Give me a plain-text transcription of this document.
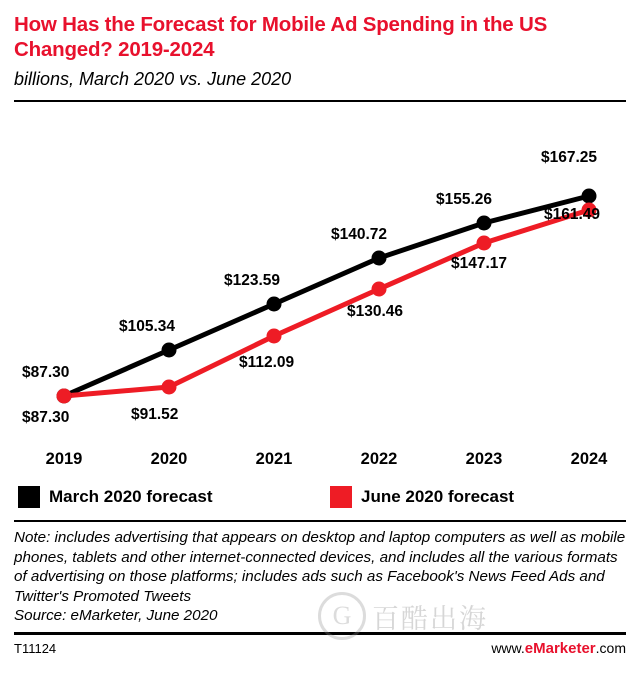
How Has the Forecast for Mobile Ad Spending in the US Changed? 2019-2024
billions, March 2020 vs. June 2020
$87.30
$105.34
$123.59
$140.72
$155.26
$167.25
$87.30	$91.52
$112.09
$130.46
$147.17
$161.49
2019	2020	2021	2022	2023	2024
March 2020 forecast	June 2020 forecast
Note: includes advertising that appears on desktop and laptop computers as well as mobile phones, tablets and other internet-connected devices, and includes all the various formats of advertising on those platforms; includes ads such as Facebook's News Feed Ads and Twitter's Promoted Tweets
Source: eMarketer, June 2020
T11124	www.eMarketer.com
G
百酷出海
